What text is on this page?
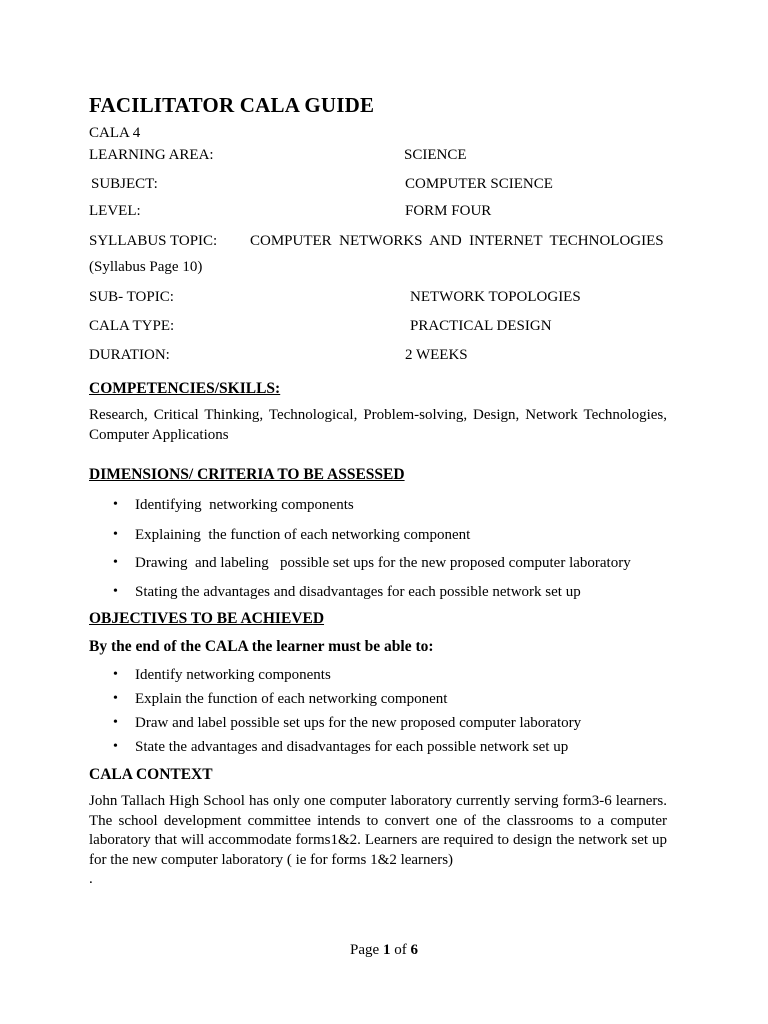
FACILITATOR CALA GUIDE
CALA 4
LEARNING AREA:	SCIENCE
SUBJECT:	COMPUTER SCIENCE
LEVEL:	FORM FOUR
SYLLABUS TOPIC: COMPUTER  NETWORKS  AND  INTERNET  TECHNOLOGIES
(Syllabus Page 10)
SUB- TOPIC:	NETWORK TOPOLOGIES
CALA TYPE:	PRACTICAL DESIGN
DURATION:	2 WEEKS
COMPETENCIES/SKILLS:
Research, Critical Thinking, Technological, Problem-solving, Design, Network Technologies, Computer Applications
DIMENSIONS/ CRITERIA TO BE ASSESSED
• Identifying  networking components
• Explaining  the function of each networking component
• Drawing  and labeling   possible set ups for the new proposed computer laboratory
• Stating the advantages and disadvantages for each possible network set up
OBJECTIVES TO BE ACHIEVED
By the end of the CALA the learner must be able to:
• Identify networking components
• Explain the function of each networking component
• Draw and label possible set ups for the new proposed computer laboratory
• State the advantages and disadvantages for each possible network set up
CALA CONTEXT
John Tallach High School has only one computer laboratory currently serving form3-6 learners. The school development committee intends to convert one of the classrooms to a computer laboratory that will accommodate forms1&2. Learners are required to design the network set up for the new computer laboratory ( ie for forms 1&2 learners)
.
Page 1 of 6
